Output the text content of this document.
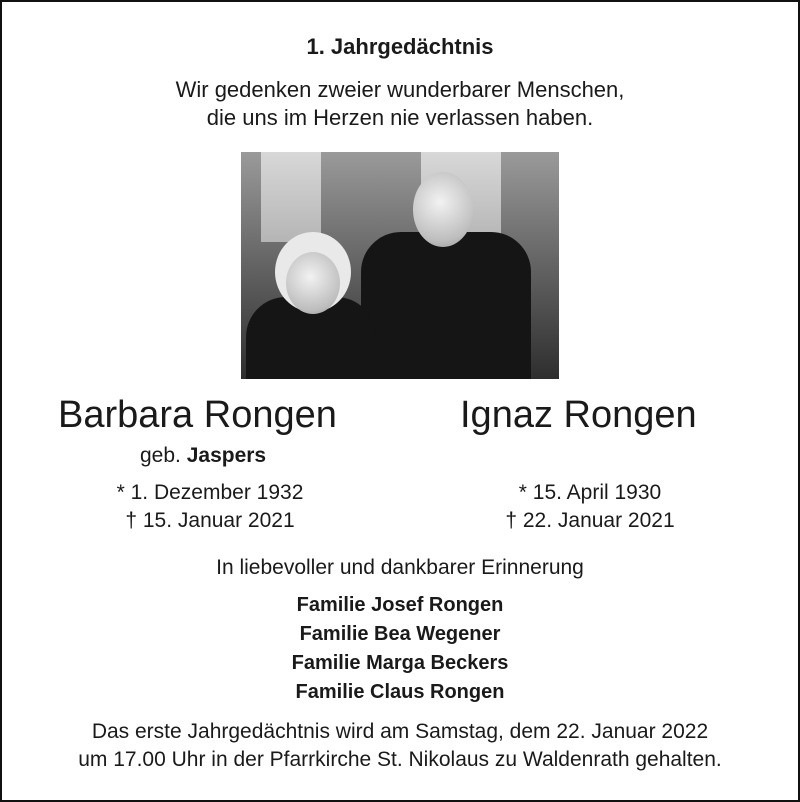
1. Jahrgedächtnis
Wir gedenken zweier wunderbarer Menschen,
die uns im Herzen nie verlassen haben.
Barbara Rongen	Ignaz Rongen
geb. Jaspers
* 1. Dezember 1932
† 15. Januar 2021
* 15. April 1930
† 22. Januar 2021
In liebevoller und dankbarer Erinnerung
Familie Josef Rongen
Familie Bea Wegener
Familie Marga Beckers
Familie Claus Rongen
Das erste Jahrgedächtnis wird am Samstag, dem 22. Januar 2022
um 17.00 Uhr in der Pfarrkirche St. Nikolaus zu Waldenrath gehalten.
